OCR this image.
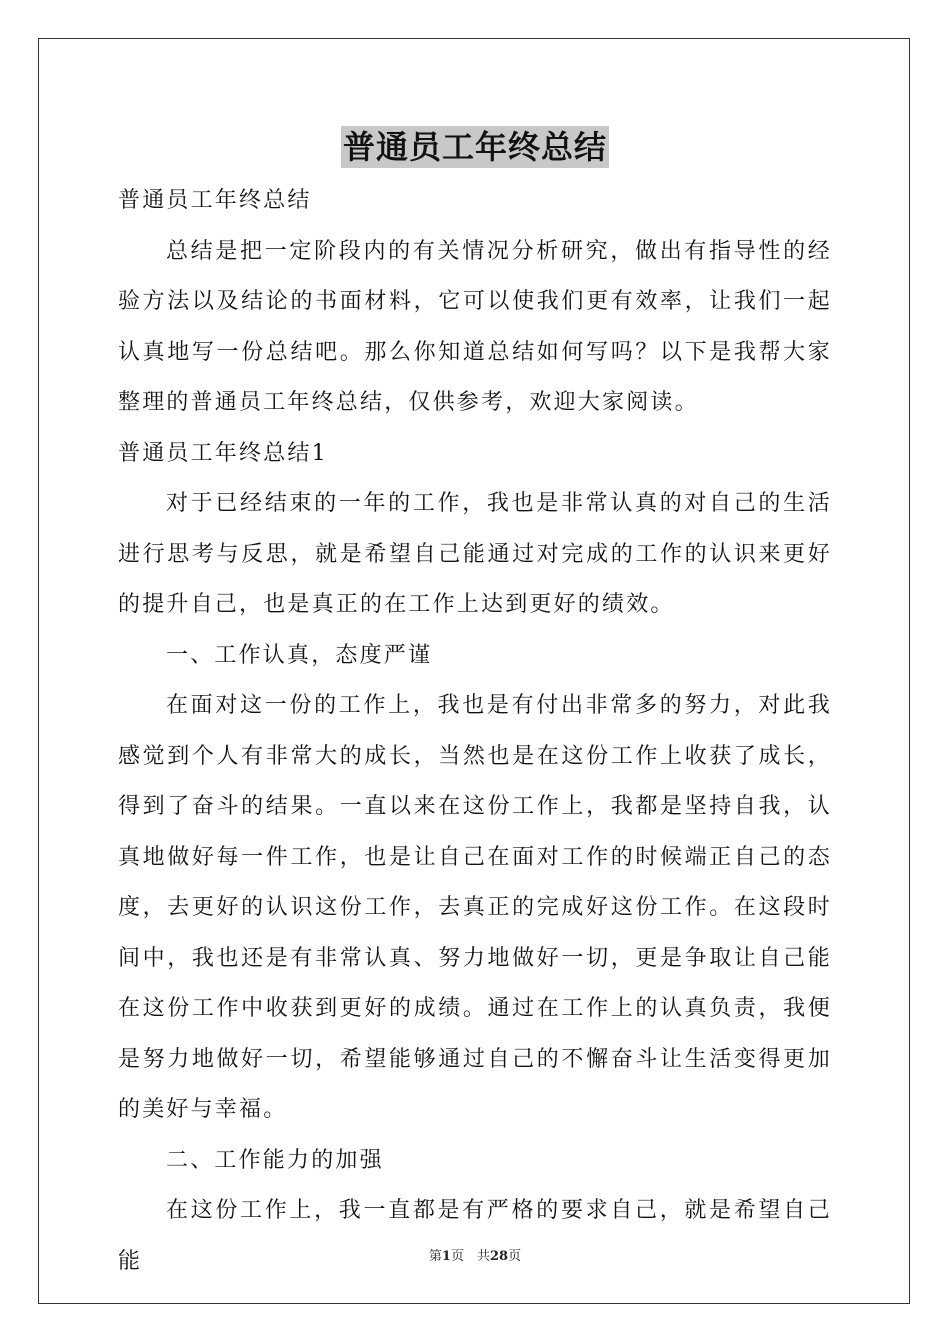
普通员工年终总结

普通员工年终总结

总结是把一定阶段内的有关情况分析研究，做出有指导性的经验方法以及结论的书面材料，它可以使我们更有效率，让我们一起认真地写一份总结吧。那么你知道总结如何写吗？以下是我帮大家整理的普通员工年终总结，仅供参考，欢迎大家阅读。

普通员工年终总结1

对于已经结束的一年的工作，我也是非常认真的对自己的生活进行思考与反思，就是希望自己能通过对完成的工作的认识来更好的提升自己，也是真正的在工作上达到更好的绩效。

一、工作认真，态度严谨

在面对这一份的工作上，我也是有付出非常多的努力，对此我感觉到个人有非常大的成长，当然也是在这份工作上收获了成长，得到了奋斗的结果。一直以来在这份工作上，我都是坚持自我，认真地做好每一件工作，也是让自己在面对工作的时候端正自己的态度，去更好的认识这份工作，去真正的完成好这份工作。在这段时间中，我也还是有非常认真、努力地做好一切，更是争取让自己能在这份工作中收获到更好的成绩。通过在工作上的认真负责，我便是努力地做好一切，希望能够通过自己的不懈奋斗让生活变得更加的美好与幸福。

二、工作能力的加强

在这份工作上，我一直都是有严格的要求自己，就是希望自己能	第1页　共28页
